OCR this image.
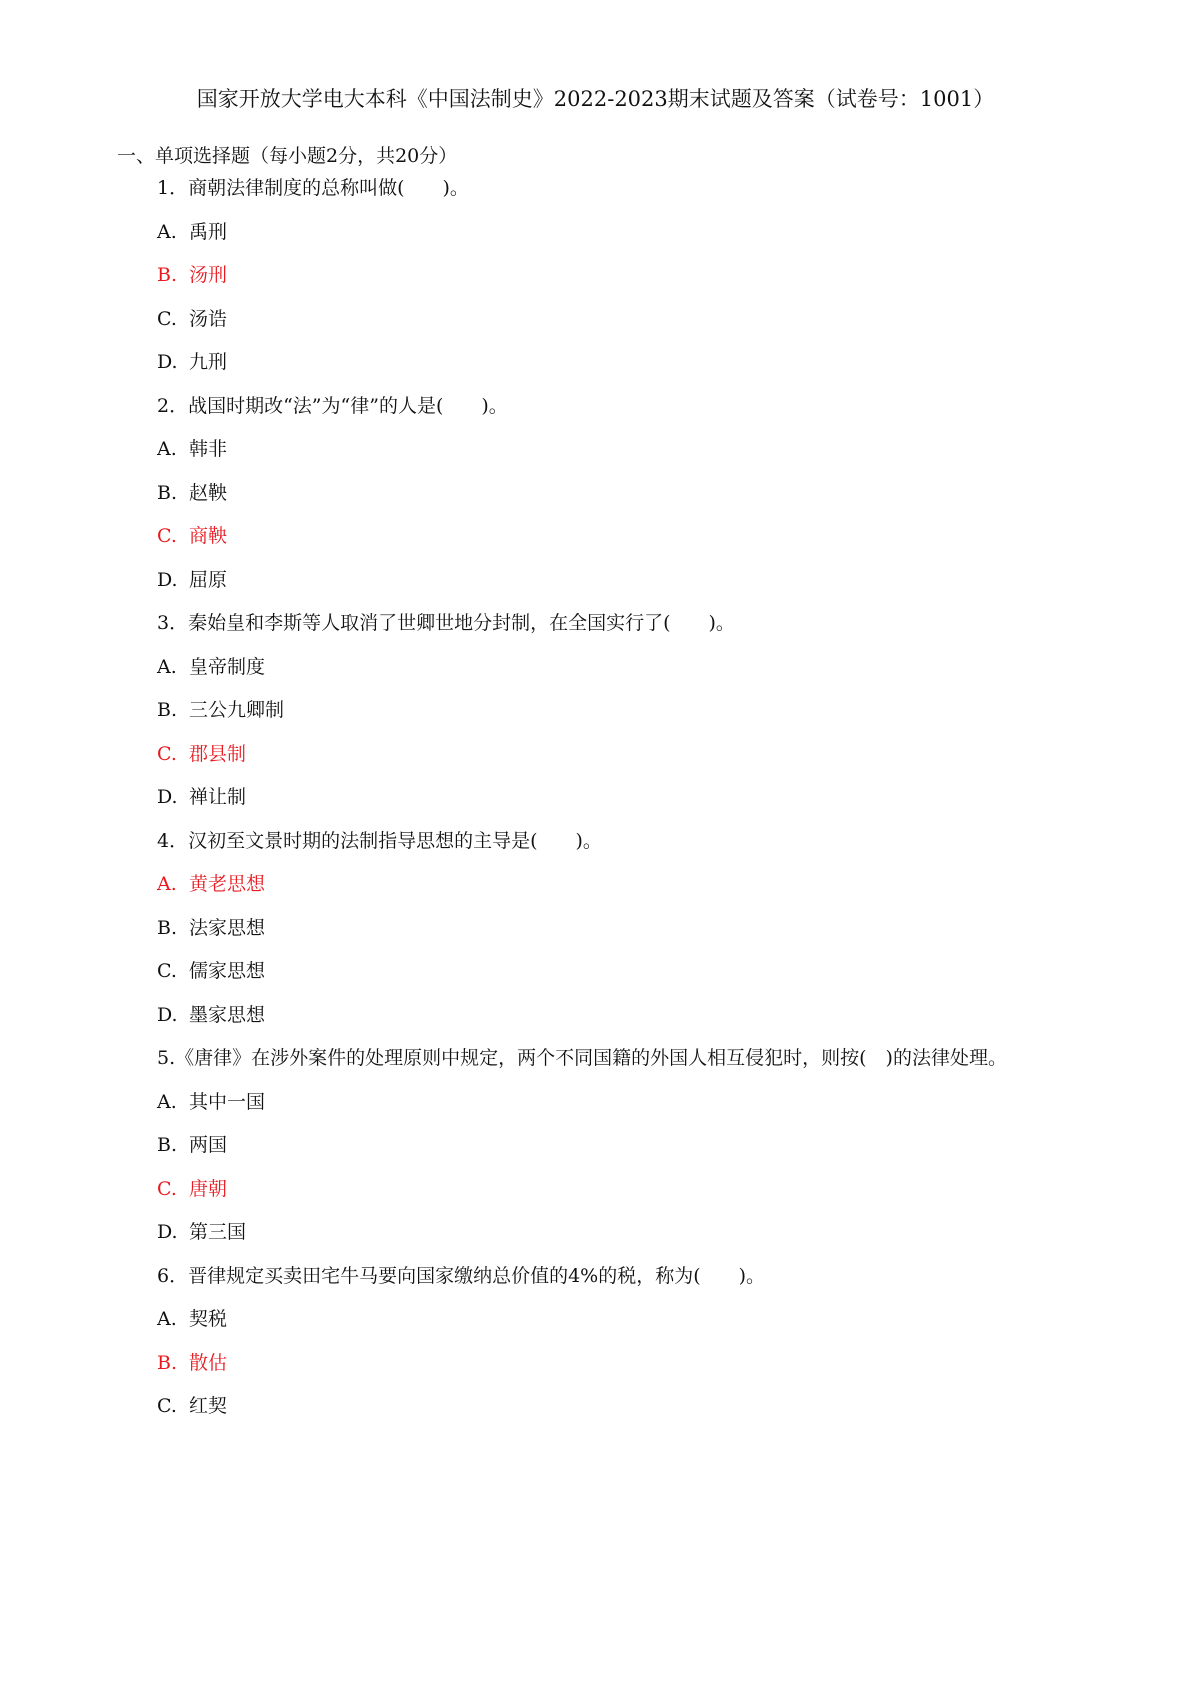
国家开放大学电大本科《中国法制史》2022-2023期末试题及答案（试卷号：1001）
一、单项选择题（每小题2分，共20分）
1．商朝法律制度的总称叫做(　　)。
A. 禹刑
B. 汤刑
C. 汤诰
D. 九刑
2．战国时期改“法”为“律”的人是(　　)。
A. 韩非
B. 赵鞅
C. 商鞅
D. 屈原
3．秦始皇和李斯等人取消了世卿世地分封制，在全国实行了(　　)。
A. 皇帝制度
B. 三公九卿制
C. 郡县制
D. 禅让制
4．汉初至文景时期的法制指导思想的主导是(　　)。
A. 黄老思想
B. 法家思想
C. 儒家思想
D. 墨家思想
5.《唐律》在涉外案件的处理原则中规定，两个不同国籍的外国人相互侵犯时，则按(　)的法律处理。
A. 其中一国
B. 两国
C. 唐朝
D. 第三国
6．晋律规定买卖田宅牛马要向国家缴纳总价值的4%的税，称为(　　)。
A. 契税
B. 散估
C. 红契
